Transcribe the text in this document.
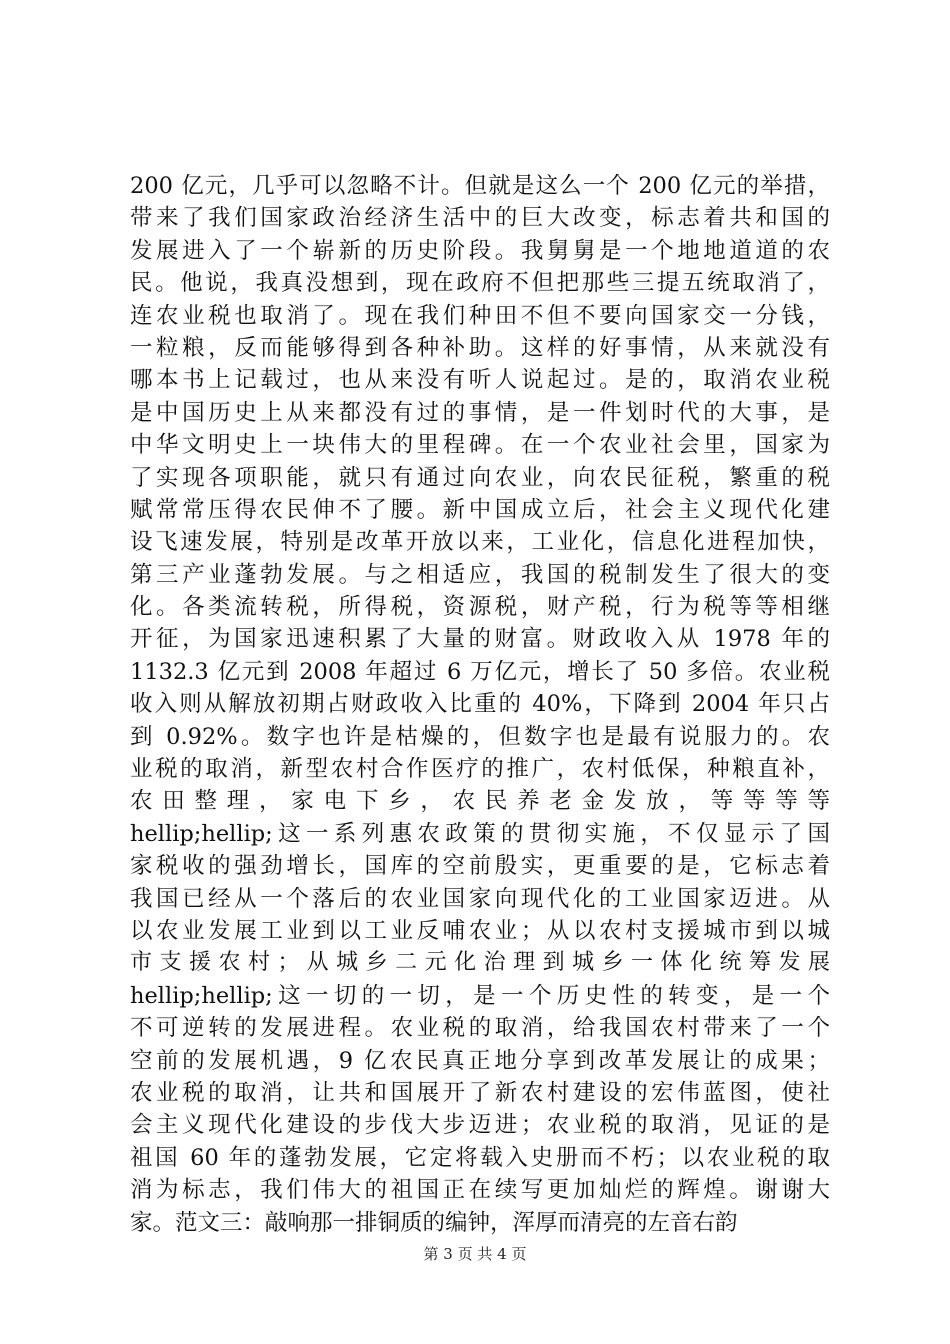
200 亿元，几乎可以忽略不计。但就是这么一个 200 亿元的举措，
带来了我们国家政治经济生活中的巨大改变，标志着共和国的
发展进入了一个崭新的历史阶段。我舅舅是一个地地道道的农
民。他说，我真没想到，现在政府不但把那些三提五统取消了，
连农业税也取消了。现在我们种田不但不要向国家交一分钱，
一粒粮，反而能够得到各种补助。这样的好事情，从来就没有
哪本书上记载过，也从来没有听人说起过。是的，取消农业税
是中国历史上从来都没有过的事情，是一件划时代的大事，是
中华文明史上一块伟大的里程碑。在一个农业社会里，国家为
了实现各项职能，就只有通过向农业，向农民征税，繁重的税
赋常常压得农民伸不了腰。新中国成立后，社会主义现代化建
设飞速发展，特别是改革开放以来，工业化，信息化进程加快，
第三产业蓬勃发展。与之相适应，我国的税制发生了很大的变
化。各类流转税，所得税，资源税，财产税，行为税等等相继
开征，为国家迅速积累了大量的财富。财政收入从 1978 年的
1132.3 亿元到 2008 年超过 6 万亿元，增长了 50 多倍。农业税
收入则从解放初期占财政收入比重的 40%，下降到 2004 年只占
到 0.92%。数字也许是枯燥的，但数字也是最有说服力的。农
业税的取消，新型农村合作医疗的推广，农村低保，种粮直补，
农 田 整 理 ， 家 电 下 乡 ， 农 民 养 老 金 发 放 ， 等 等 等 等
hellip;hellip;这一系列惠农政策的贯彻实施，不仅显示了国
家税收的强劲增长，国库的空前殷实，更重要的是，它标志着
我国已经从一个落后的农业国家向现代化的工业国家迈进。从
以农业发展工业到以工业反哺农业；从以农村支援城市到以城
市 支 援 农 村 ； 从 城 乡 二 元 化 治 理 到 城 乡 一 体 化 统 筹 发 展
hellip;hellip;这一切的一切，是一个历史性的转变，是一个
不可逆转的发展进程。农业税的取消，给我国农村带来了一个
空前的发展机遇，9 亿农民真正地分享到改革发展让的成果；
农业税的取消，让共和国展开了新农村建设的宏伟蓝图，使社
会主义现代化建设的步伐大步迈进；农业税的取消，见证的是
祖国 60 年的蓬勃发展，它定将载入史册而不朽；以农业税的取
消为标志，我们伟大的祖国正在续写更加灿烂的辉煌。谢谢大
家。范文三：敲响那一排铜质的编钟，浑厚而清亮的左音右韵
第 3 页 共 4 页
